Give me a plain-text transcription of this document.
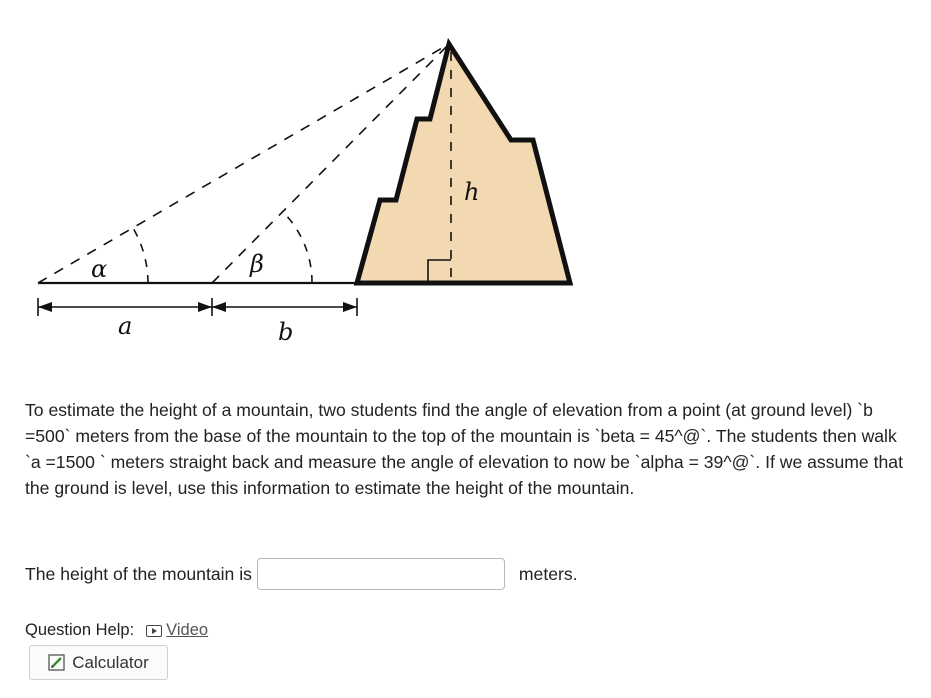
α	β
h
a	b

To estimate the height of a mountain, two students find the angle of elevation from a point (at ground level) `b =500` meters from the base of the mountain to the top of the mountain is `beta = 45^@`. The students then walk `a =1500 ` meters straight back and measure the angle of elevation to now be `alpha = 39^@`. If we assume that the ground is level, use this information to estimate the height of the mountain.

The height of the mountain is	meters.
Question Help: Video
Calculator
